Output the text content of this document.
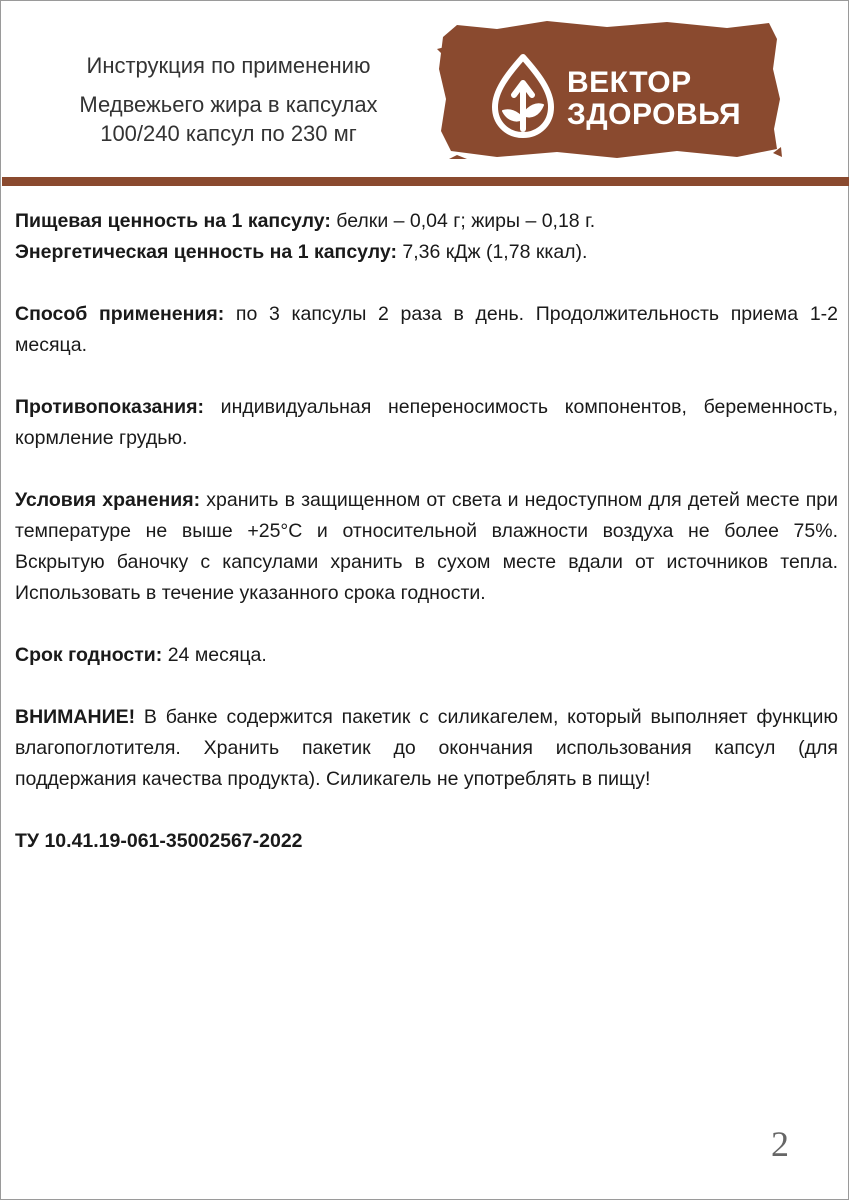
Инструкция по применению
Медвежьего жира в капсулах
100/240 капсул по 230 мг
ВЕКТОР
ЗДОРОВЬЯ

Пищевая ценность на 1 капсулу: белки – 0,04 г; жиры – 0,18 г.
Энергетическая ценность на 1 капсулу: 7,36 кДж (1,78 ккал).

Способ применения: по 3 капсулы 2 раза в день. Продолжительность приема 1-2 месяца.

Противопоказания: индивидуальная непереносимость компонентов, беременность, кормление грудью.

Условия хранения: хранить в защищенном от света и недоступном для детей месте при температуре не выше +25°С и относительной влажности воздуха не более 75%. Вскрытую баночку с капсулами хранить в сухом месте вдали от источников тепла. Использовать в течение указанного срока годности.

Срок годности: 24 месяца.

ВНИМАНИЕ! В банке содержится пакетик с силикагелем, который выполняет функцию влагопоглотителя. Хранить пакетик до окончания использования капсул (для поддержания качества продукта). Силикагель не употреблять в пищу!

ТУ 10.41.19-061-35002567-2022

2
